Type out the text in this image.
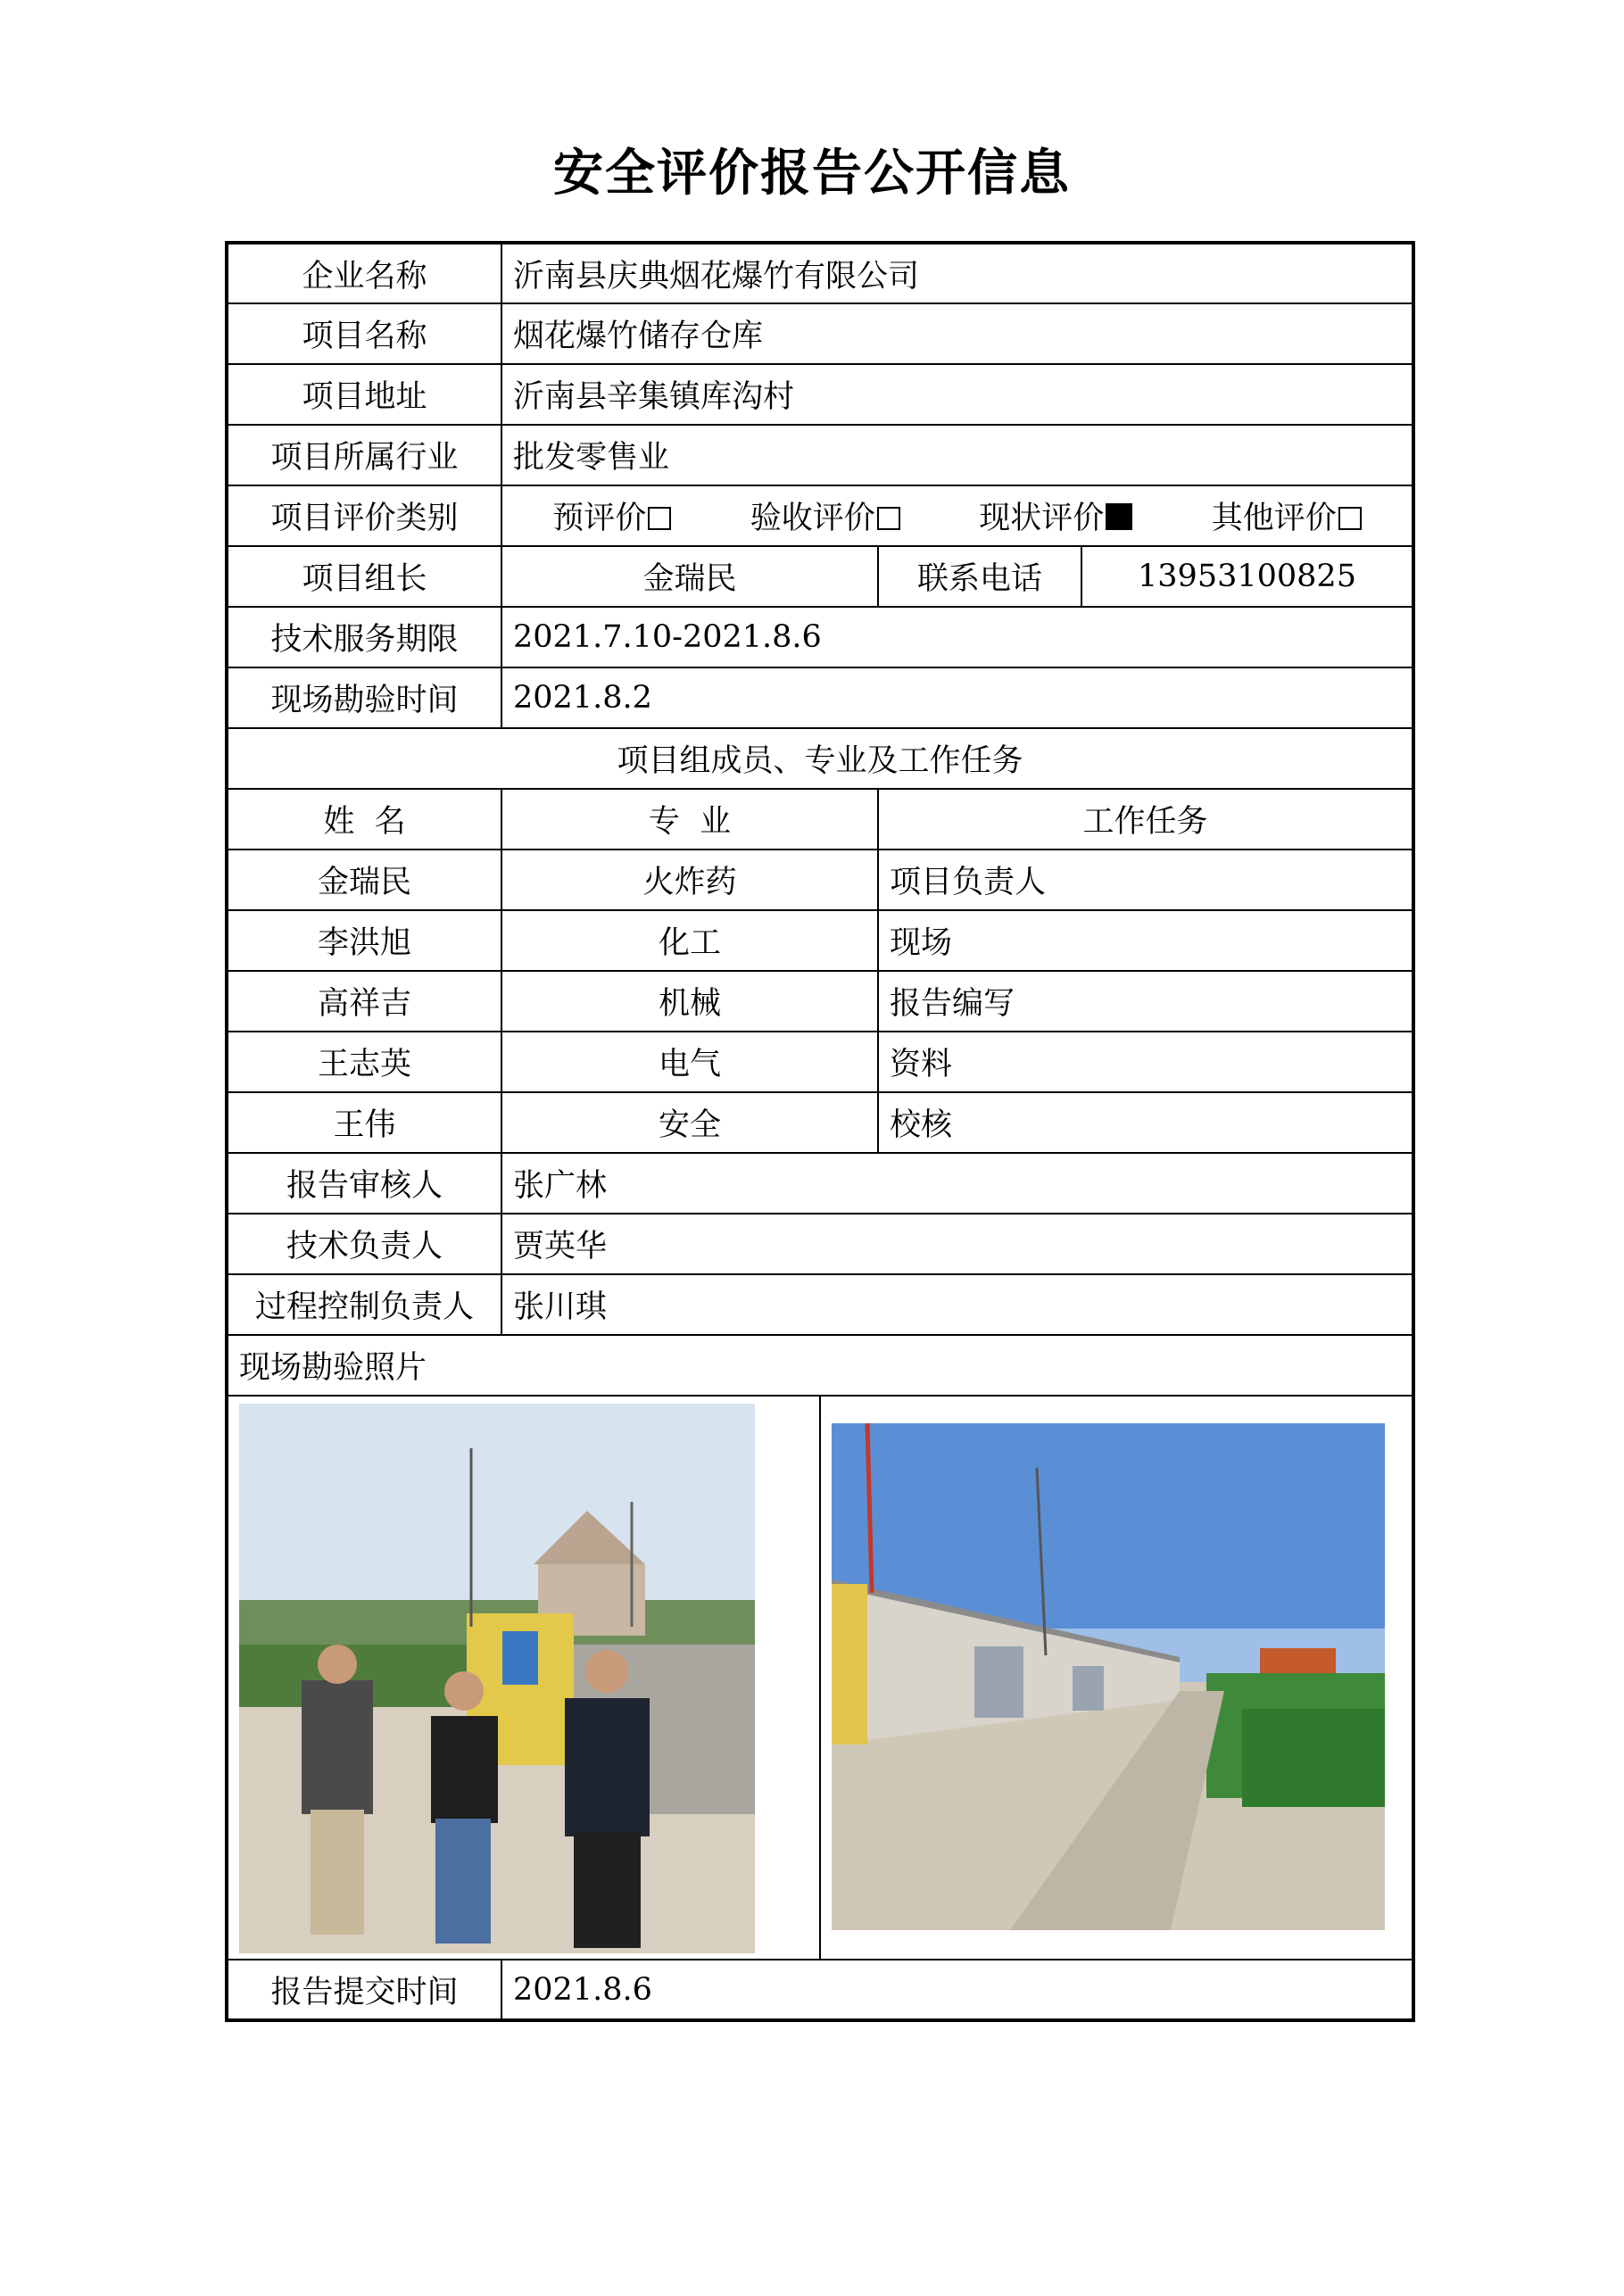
安全评价报告公开信息
企业名称	沂南县庆典烟花爆竹有限公司		
项目名称	烟花爆竹储存仓库		
项目地址	沂南县辛集镇库沟村		
项目所属行业	批发零售业		
项目评价类别	预评价 验收评价 现状评价 其他评价		

项目组长	金瑞民	联系电话	13953100825
技术服务期限	2021.7.10-2021.8.6		
现场勘验时间	2021.8.2		
项目组成员、专业及工作任务			
姓  名	专  业	工作任务	
金瑞民	火炸药	项目负责人	
李洪旭	化工	现场	
高祥吉	机械	报告编写	
王志英	电气	资料	
王伟	安全	校核	
报告审核人	张广林		
技术负责人	贾英华		
过程控制负责人	张川琪		
现场勘验照片			

报告提交时间	2021.8.6		
